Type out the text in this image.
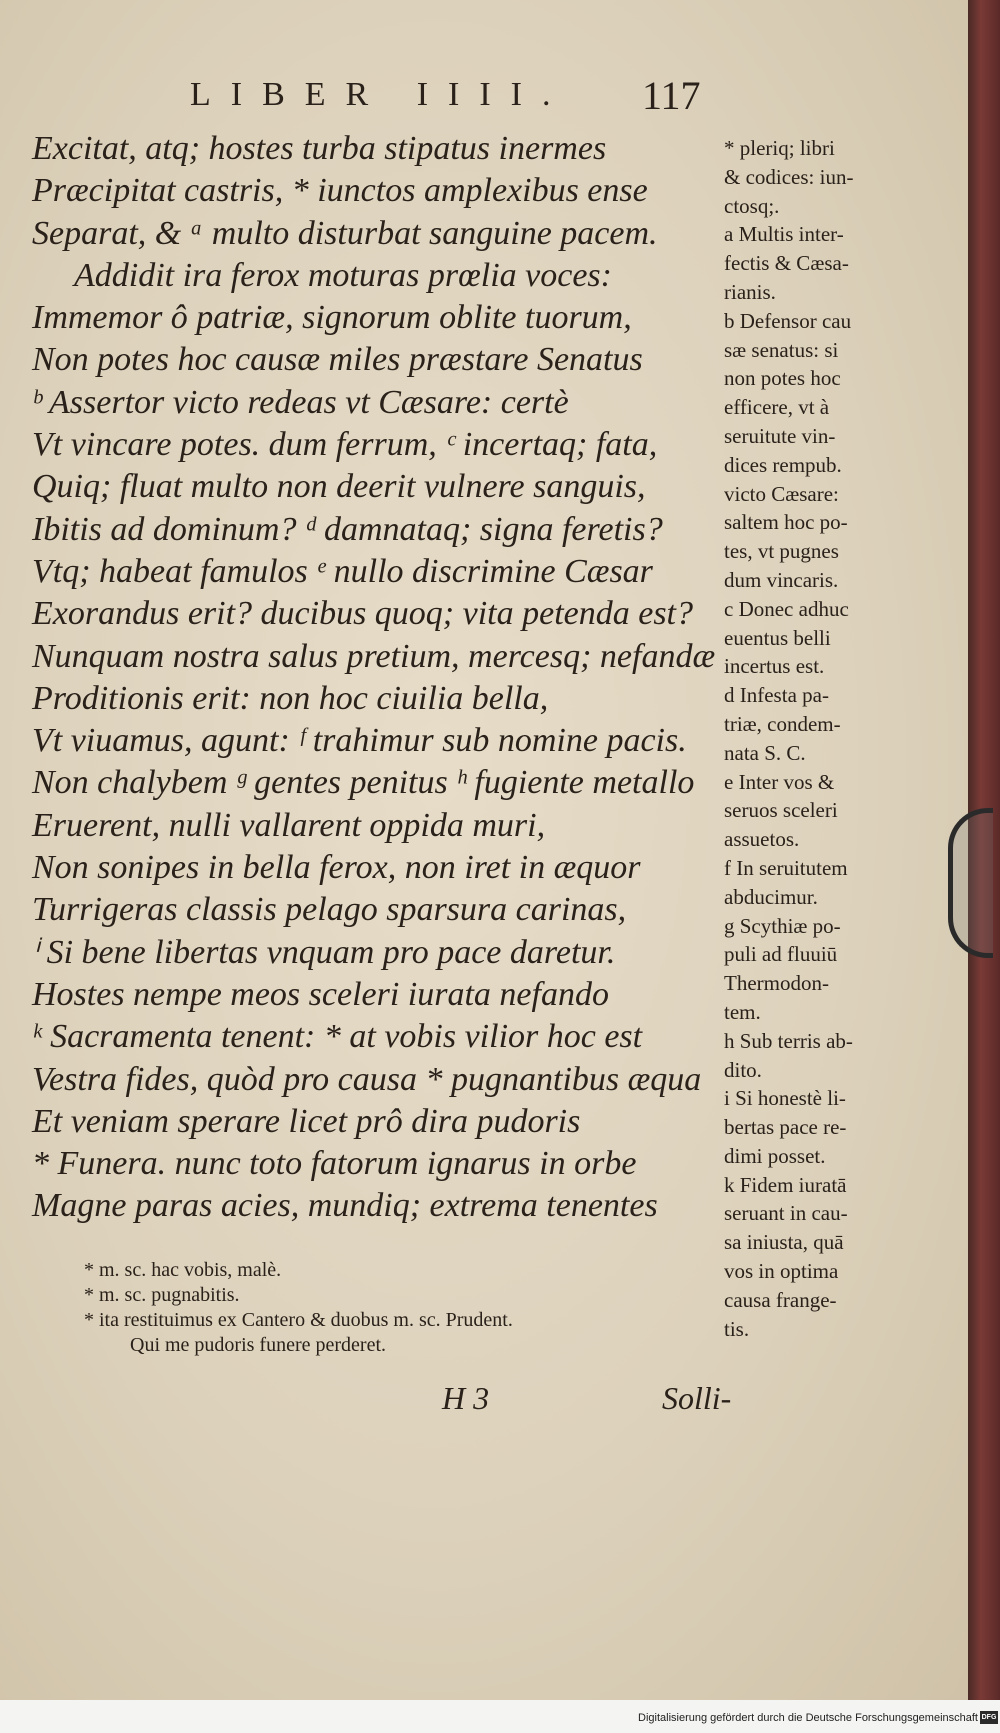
LIBER IIII. 117
Excitat, atq; hostes turba stipatus inermes
Præcipitat castris, * iunctos amplexibus ense
Separat, & ᵃ multo disturbat sanguine pacem.
Addidit ira ferox moturas prœlia voces:
Immemor ô patriæ, signorum oblite tuorum,
Non potes hoc causæ miles præstare Senatus
ᵇ Assertor victo redeas vt Cæsare: certè
Vt vincare potes. dum ferrum, ᶜ incertaq; fata,
Quiq; fluat multo non deerit vulnere sanguis,
Ibitis ad dominum? ᵈ damnataq; signa feretis?
Vtq; habeat famulos ᵉ nullo discrimine Cæsar
Exorandus erit? ducibus quoq; vita petenda est?
Nunquam nostra salus pretium, mercesq; nefandæ
Proditionis erit: non hoc ciuilia bella,
Vt viuamus, agunt: ᶠ trahimur sub nomine pacis.
Non chalybem ᵍ gentes penitus ʰ fugiente metallo
Eruerent, nulli vallarent oppida muri,
Non sonipes in bella ferox, non iret in æquor
Turrigeras classis pelago sparsura carinas,
ⁱ Si bene libertas vnquam pro pace daretur.
Hostes nempe meos sceleri iurata nefando
ᵏ Sacramenta tenent: * at vobis vilior hoc est
Vestra fides, quòd pro causa * pugnantibus æqua
Et veniam sperare licet prô dira pudoris
* Funera. nunc toto fatorum ignarus in orbe
Magne paras acies, mundiq; extrema tenentes
* pleriq; libri
& codices: iun-
ctosq;.
a Multis inter-
fectis & Cæsa-
rianis.
b Defensor cau
sæ senatus: si
non potes hoc
efficere, vt à
seruitute vin-
dices rempub.
victo Cæsare:
saltem hoc po-
tes, vt pugnes
dum vincaris.
c Donec adhuc
euentus belli
incertus est.
d Infesta pa-
triæ, condem-
nata S. C.
e Inter vos &
seruos sceleri
assuetos.
f In seruitutem
abducimur.
g Scythiæ po-
puli ad fluuiū
Thermodon-
tem.
h Sub terris ab-
dito.
i Si honestè li-
bertas pace re-
dimi posset.
k Fidem iuratā
seruant in cau-
sa iniusta, quā
vos in optima
causa frange-
tis.
* m. sc. hac vobis, malè.
* m. sc. pugnabitis.
* ita restituimus ex Cantero & duobus m. sc. Prudent.
Qui me pudoris funere perderet.
H 3	Solli-
Digitalisierung gefördert durch die Deutsche Forschungsgemeinschaft DFG
